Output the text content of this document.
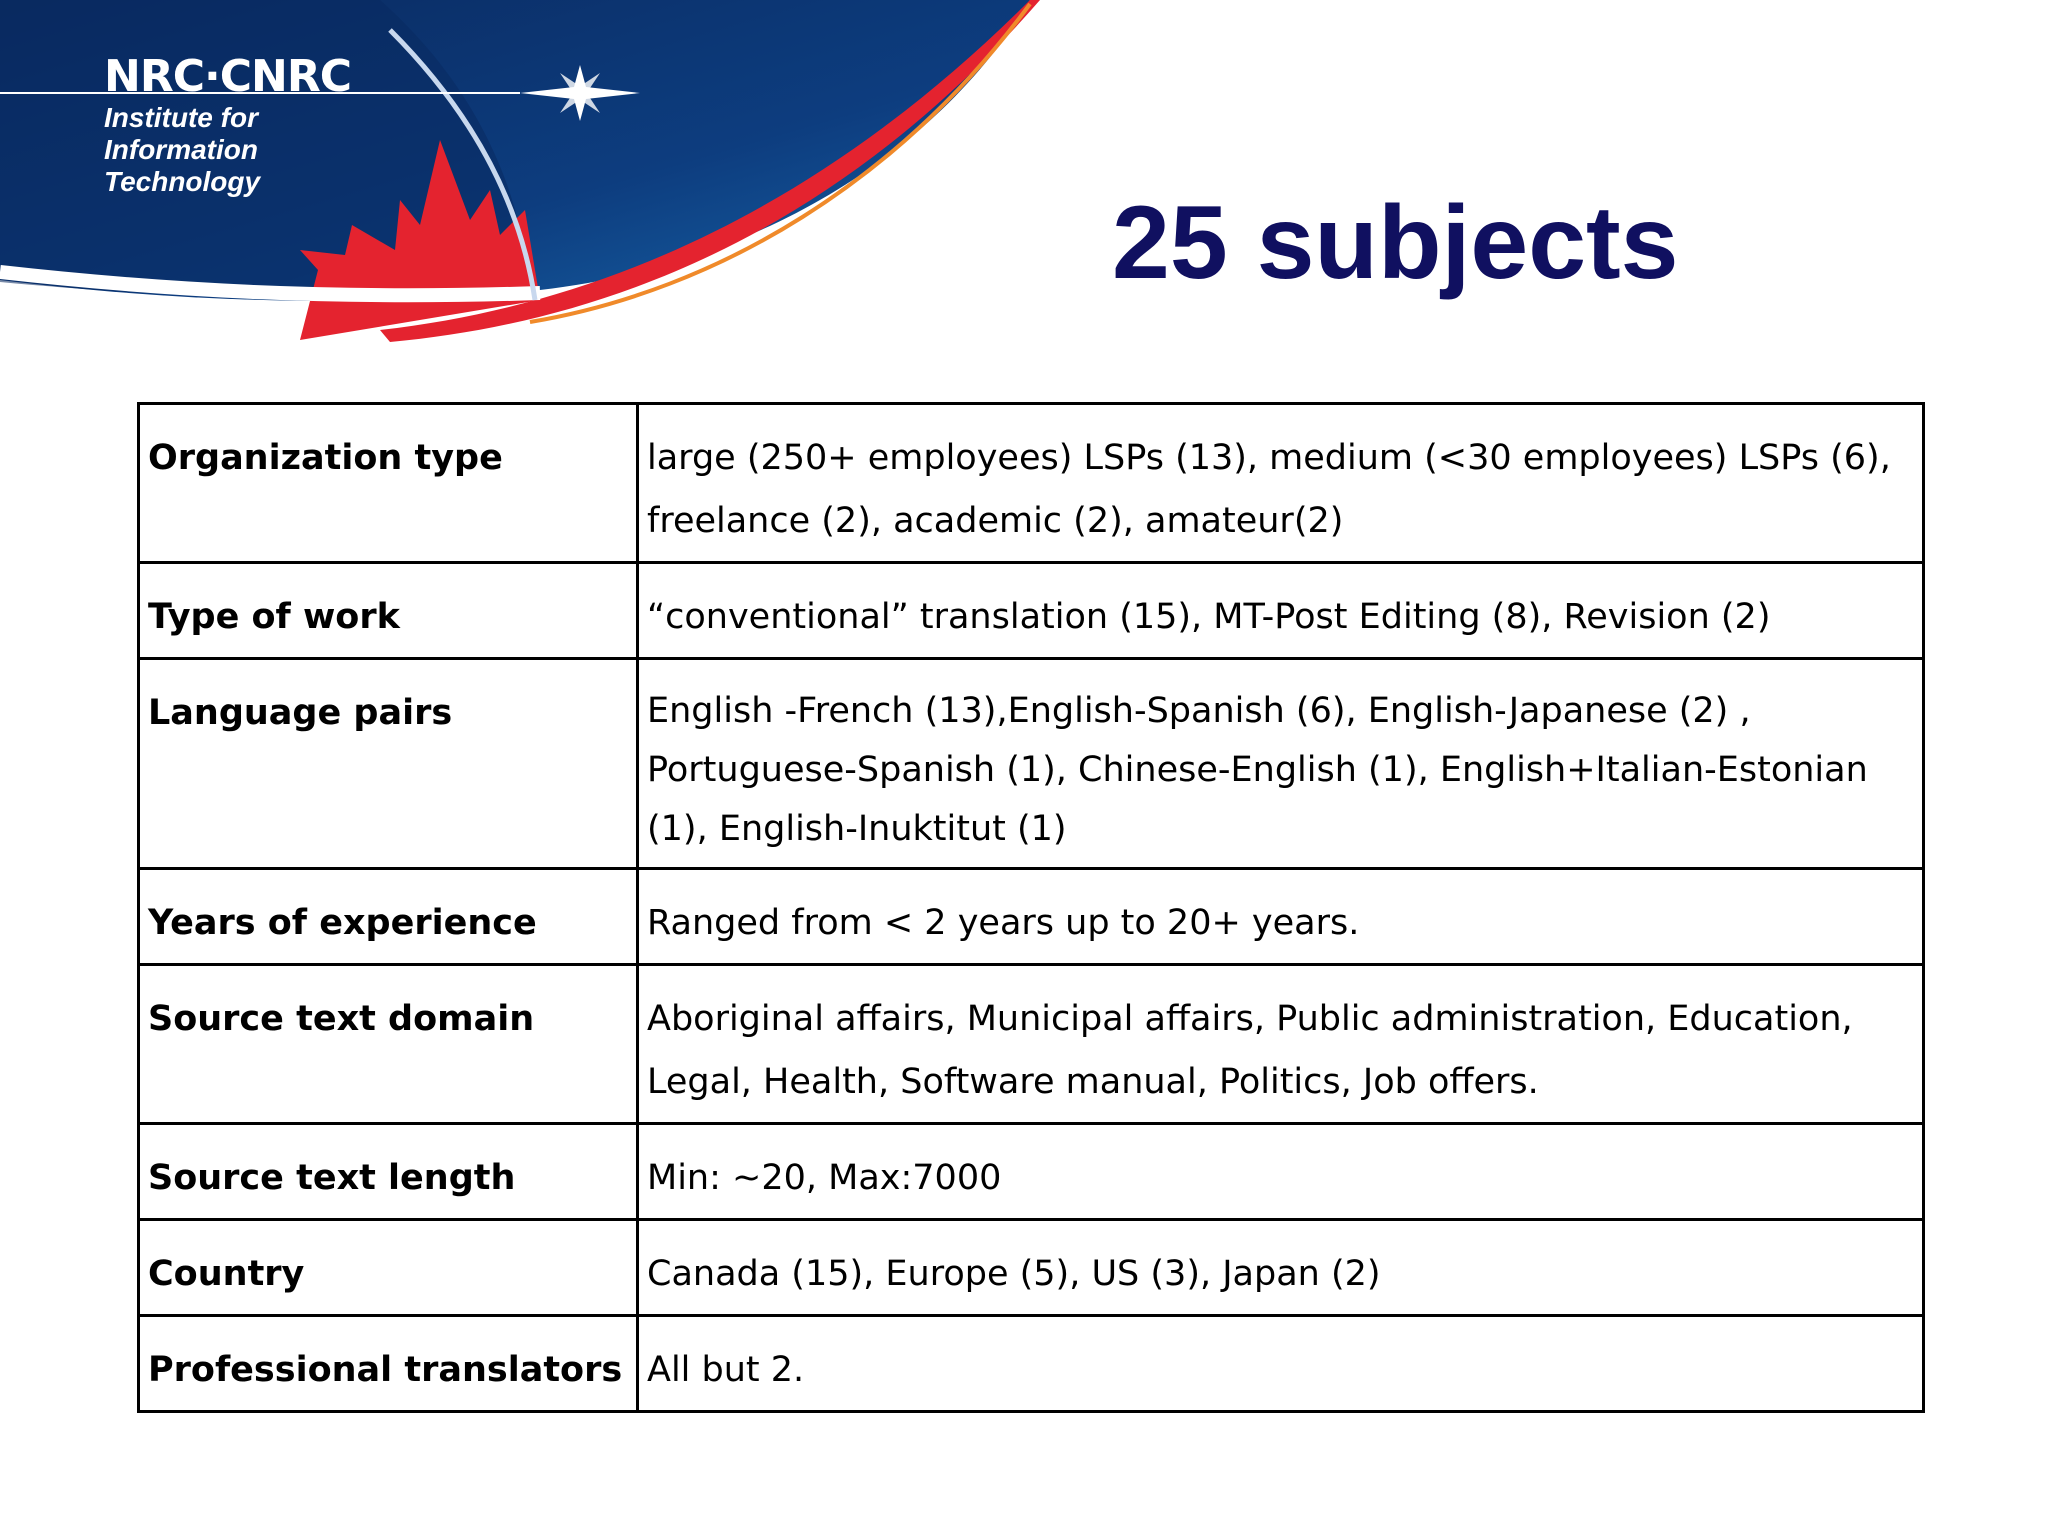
NRC·CNRC
Institute for
Information
Technology
25 subjects
Organization type	large (250+ employees) LSPs (13), medium (<30 employees) LSPs (6), freelance (2), academic (2), amateur(2)
Type of work	“conventional” translation (15), MT-Post Editing (8), Revision (2)
Language pairs	English -French (13),English-Spanish (6), English-Japanese (2) , Portuguese-Spanish (1), Chinese-English (1), English+Italian-Estonian (1), English-Inuktitut (1)
Years of experience	Ranged from < 2 years up to 20+ years.
Source text domain	Aboriginal affairs, Municipal affairs, Public administration, Education, Legal, Health, Software manual, Politics, Job offers.
Source text length	Min: ~20, Max:7000
Country	Canada (15), Europe (5), US (3), Japan (2)
Professional translators	All but 2.
